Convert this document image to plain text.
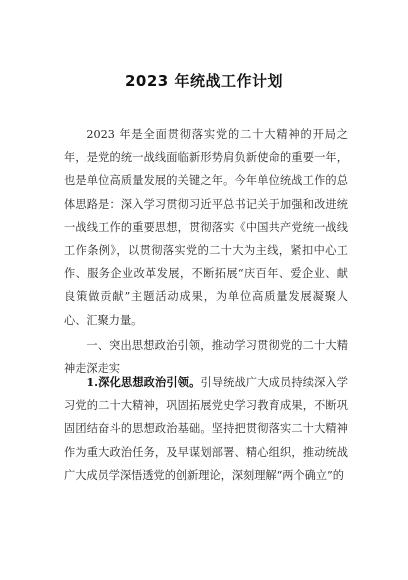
2023 年统战工作计划

2023 年是全面贯彻落实党的二十大精神的开局之年，是党的统一战线面临新形势肩负新使命的重要一年，也是单位高质量发展的关键之年。今年单位统战工作的总体思路是：深入学习贯彻习近平总书记关于加强和改进统一战线工作的重要思想，贯彻落实《中国共产党统一战线工作条例》，以贯彻落实党的二十大为主线，紧扣中心工作、服务企业改革发展，不断拓展“庆百年、爱企业、献良策做贡献”主题活动成果，为单位高质量发展凝聚人心、汇聚力量。

一、突出思想政治引领，推动学习贯彻党的二十大精神走深走实

1.深化思想政治引领。引导统战广大成员持续深入学习党的二十大精神，巩固拓展党史学习教育成果，不断巩固团结奋斗的思想政治基础。坚持把贯彻落实二十大精神作为重大政治任务，及早谋划部署、精心组织，推动统战广大成员学深悟透党的创新理论，深刻理解“两个确立”的
